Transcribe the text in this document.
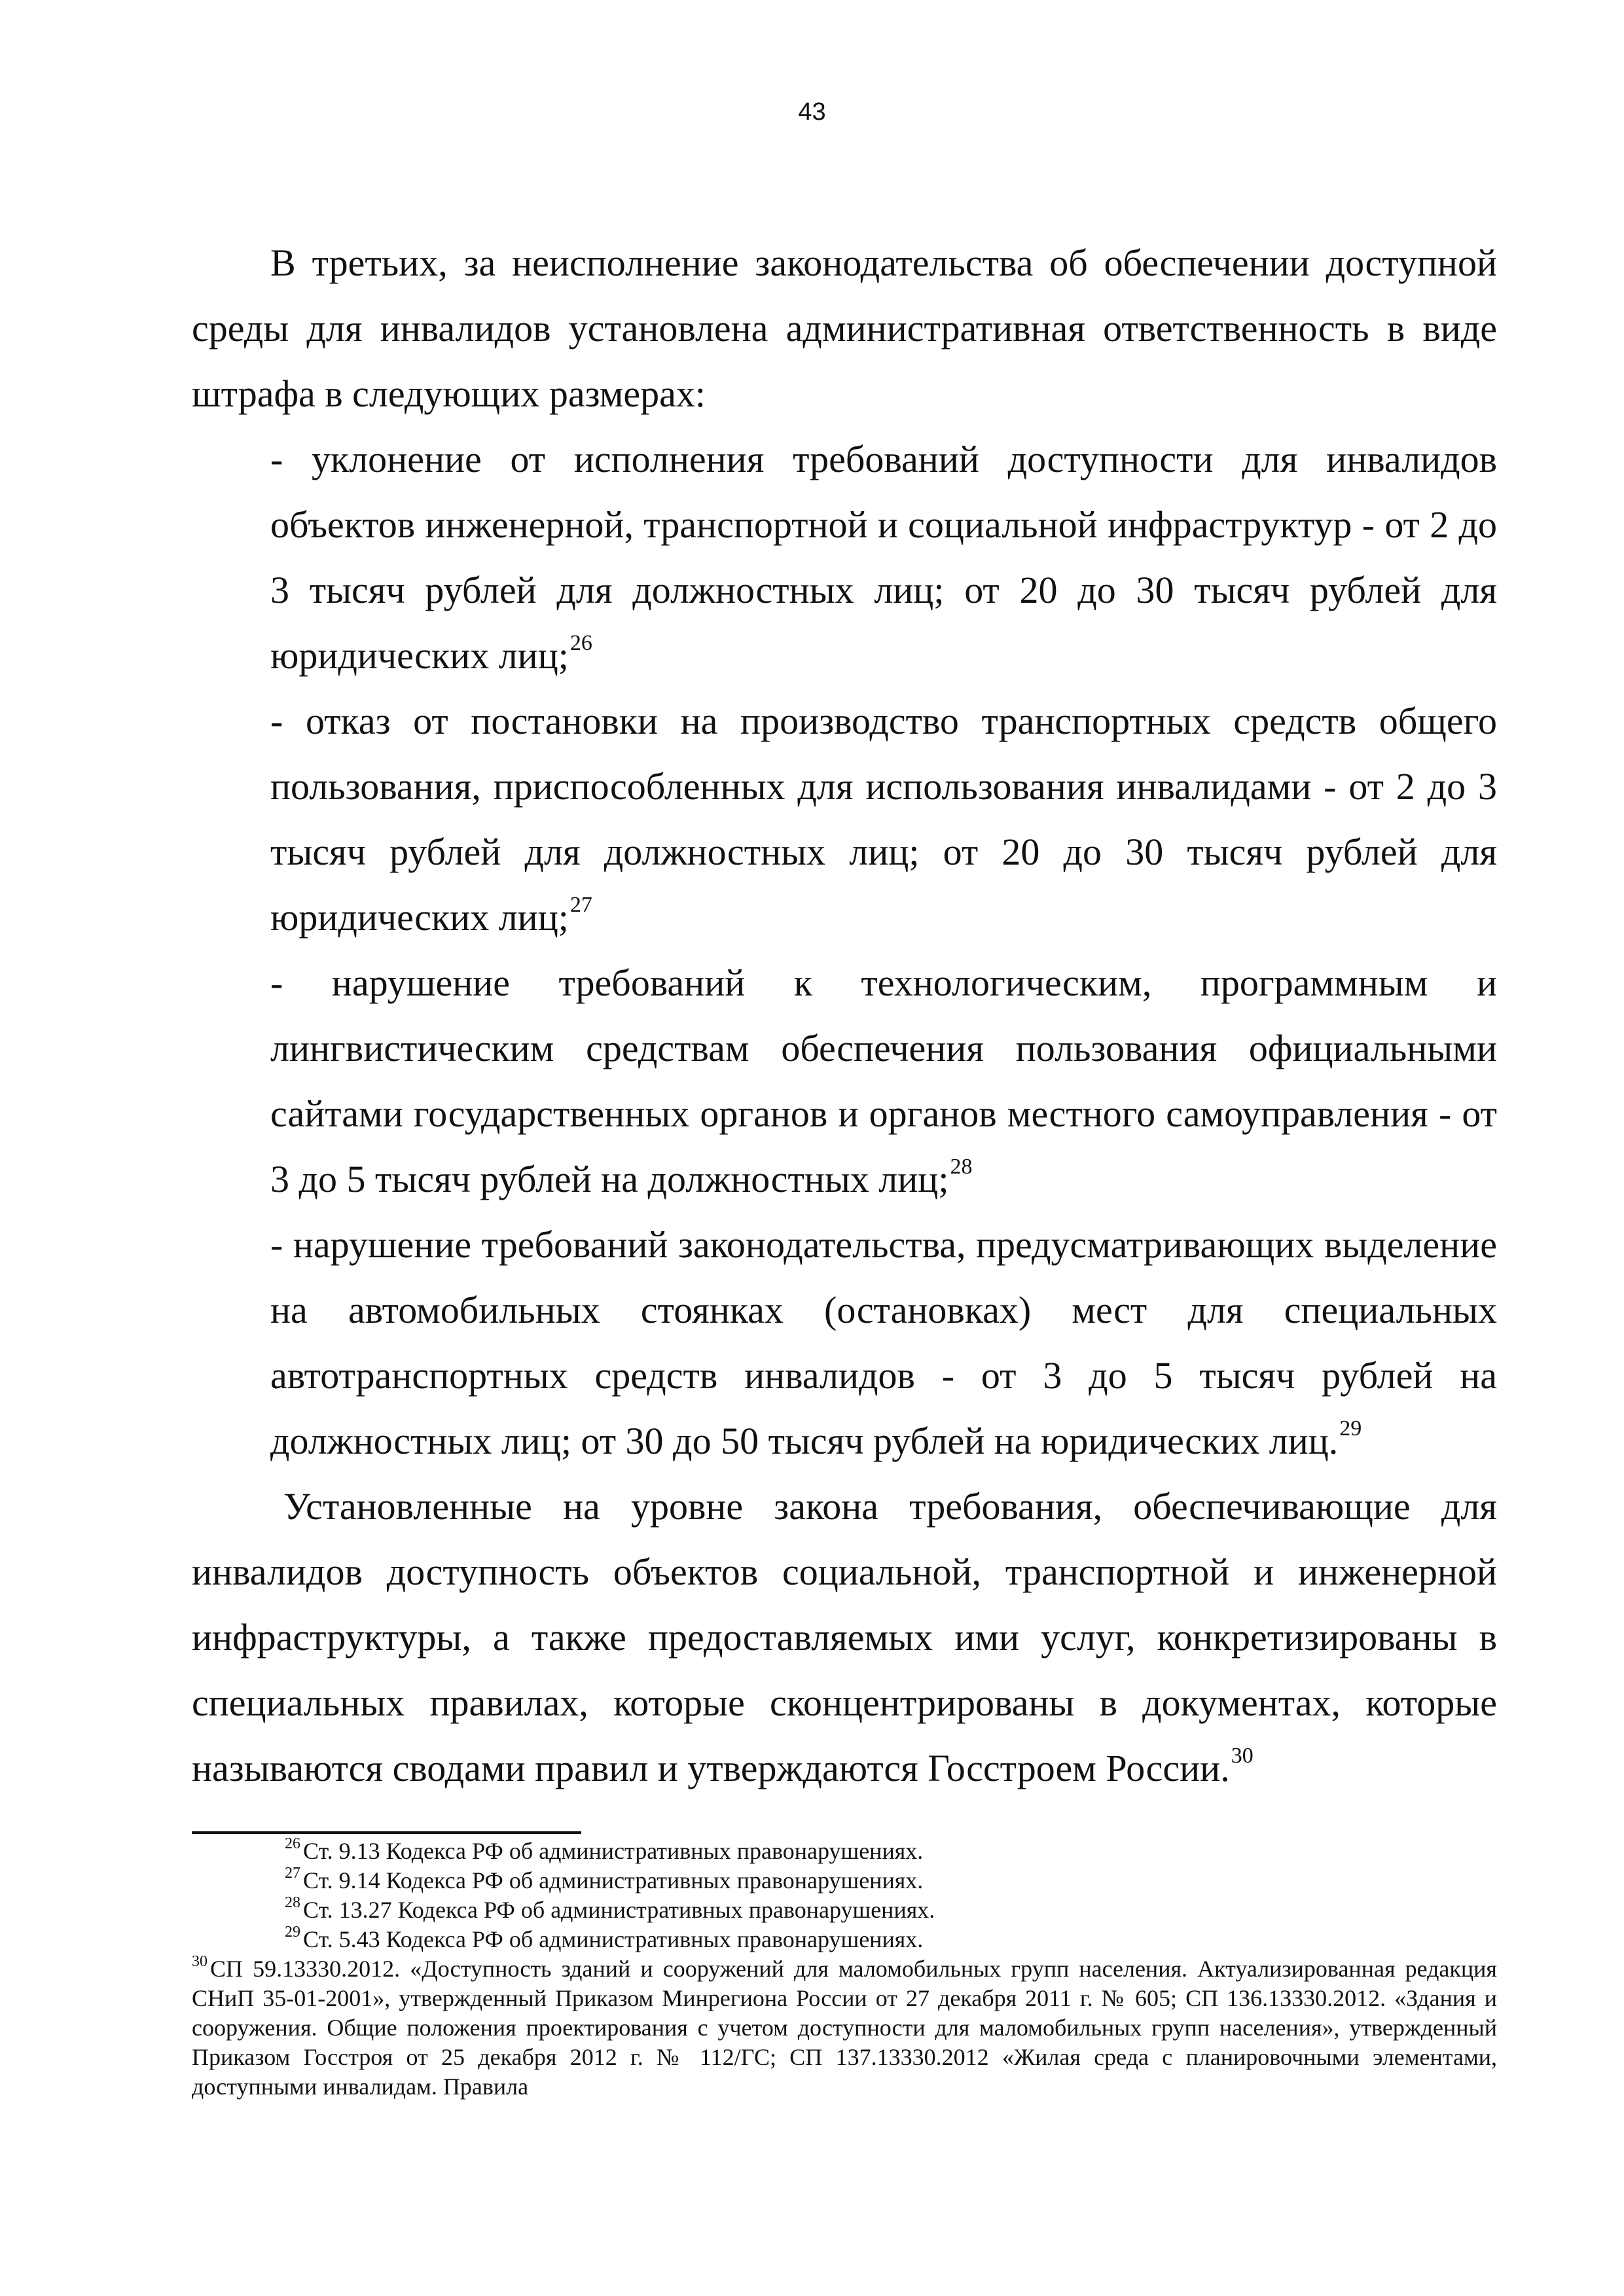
43

В третьих, за неисполнение законодательства об обеспечении доступной среды для инвалидов установлена административная ответственность в виде штрафа в следующих размерах:

- уклонение от исполнения требований доступности для инвалидов объектов инженерной, транспортной и социальной инфраструктур - от 2 до 3 тысяч рублей для должностных лиц; от 20 до 30 тысяч рублей для юридических лиц;$^{26}$

- отказ от постановки на производство транспортных средств общего пользования, приспособленных для использования инвалидами - от 2 до 3 тысяч рублей для должностных лиц; от 20 до 30 тысяч рублей для юридических лиц;$^{27}$

- нарушение требований к технологическим, программным и лингвистическим средствам обеспечения пользования официальными сайтами государственных органов и органов местного самоуправления - от 3 до 5 тысяч рублей на должностных лиц;$^{28}$

- нарушение требований законодательства, предусматривающих выделение на автомобильных стоянках (остановках) мест для специальных автотранспортных средств инвалидов - от 3 до 5 тысяч рублей на должностных лиц; от 30 до 50 тысяч рублей на юридических лиц.$^{29}$

Установленные на уровне закона требования, обеспечивающие для инвалидов доступность объектов социальной, транспортной и инженерной инфраструктуры, а также предоставляемых ими услуг, конкретизированы в специальных правилах, которые сконцентрированы в документах, которые называются сводами правил и утверждаются Госстроем России.$^{30}$

$^{26}$ Ст. 9.13 Кодекса РФ об административных правонарушениях.

$^{27}$ Ст. 9.14 Кодекса РФ об административных правонарушениях.

$^{28}$ Ст. 13.27 Кодекса РФ об административных правонарушениях.

$^{29}$ Ст. 5.43 Кодекса РФ об административных правонарушениях.

$^{30}$ СП 59.13330.2012. «Доступность зданий и сооружений для маломобильных групп населения. Актуализированная редакция СНиП 35-01-2001», утвержденный Приказом Минрегиона России от 27 декабря 2011 г. № 605; СП 136.13330.2012. «Здания и сооружения. Общие положения проектирования с учетом доступности для маломобильных групп населения», утвержденный Приказом Госстроя от 25 декабря 2012 г. № 112/ГС; СП 137.13330.2012 «Жилая среда с планировочными элементами, доступными инвалидам. Правила
